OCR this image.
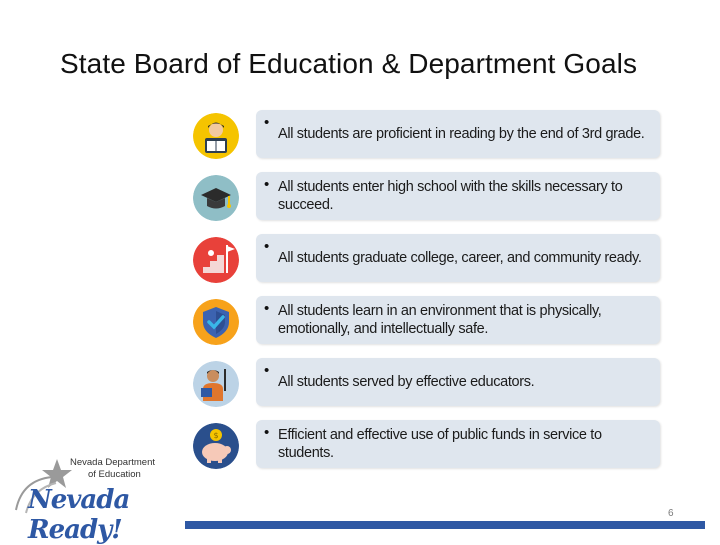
State Board of Education & Department Goals
•
All students are proficient in reading by the end of 3rd grade.
• All students enter high school with the skills necessary to succeed.
•
All students graduate college, career, and community ready.
• All students learn in an environment that is physically, emotionally, and intellectually safe.
•
All students served by effective educators.
$	• Efficient and effective use of public funds in service to students.
Nevada Department
of Education
Nevada Ready!
6
